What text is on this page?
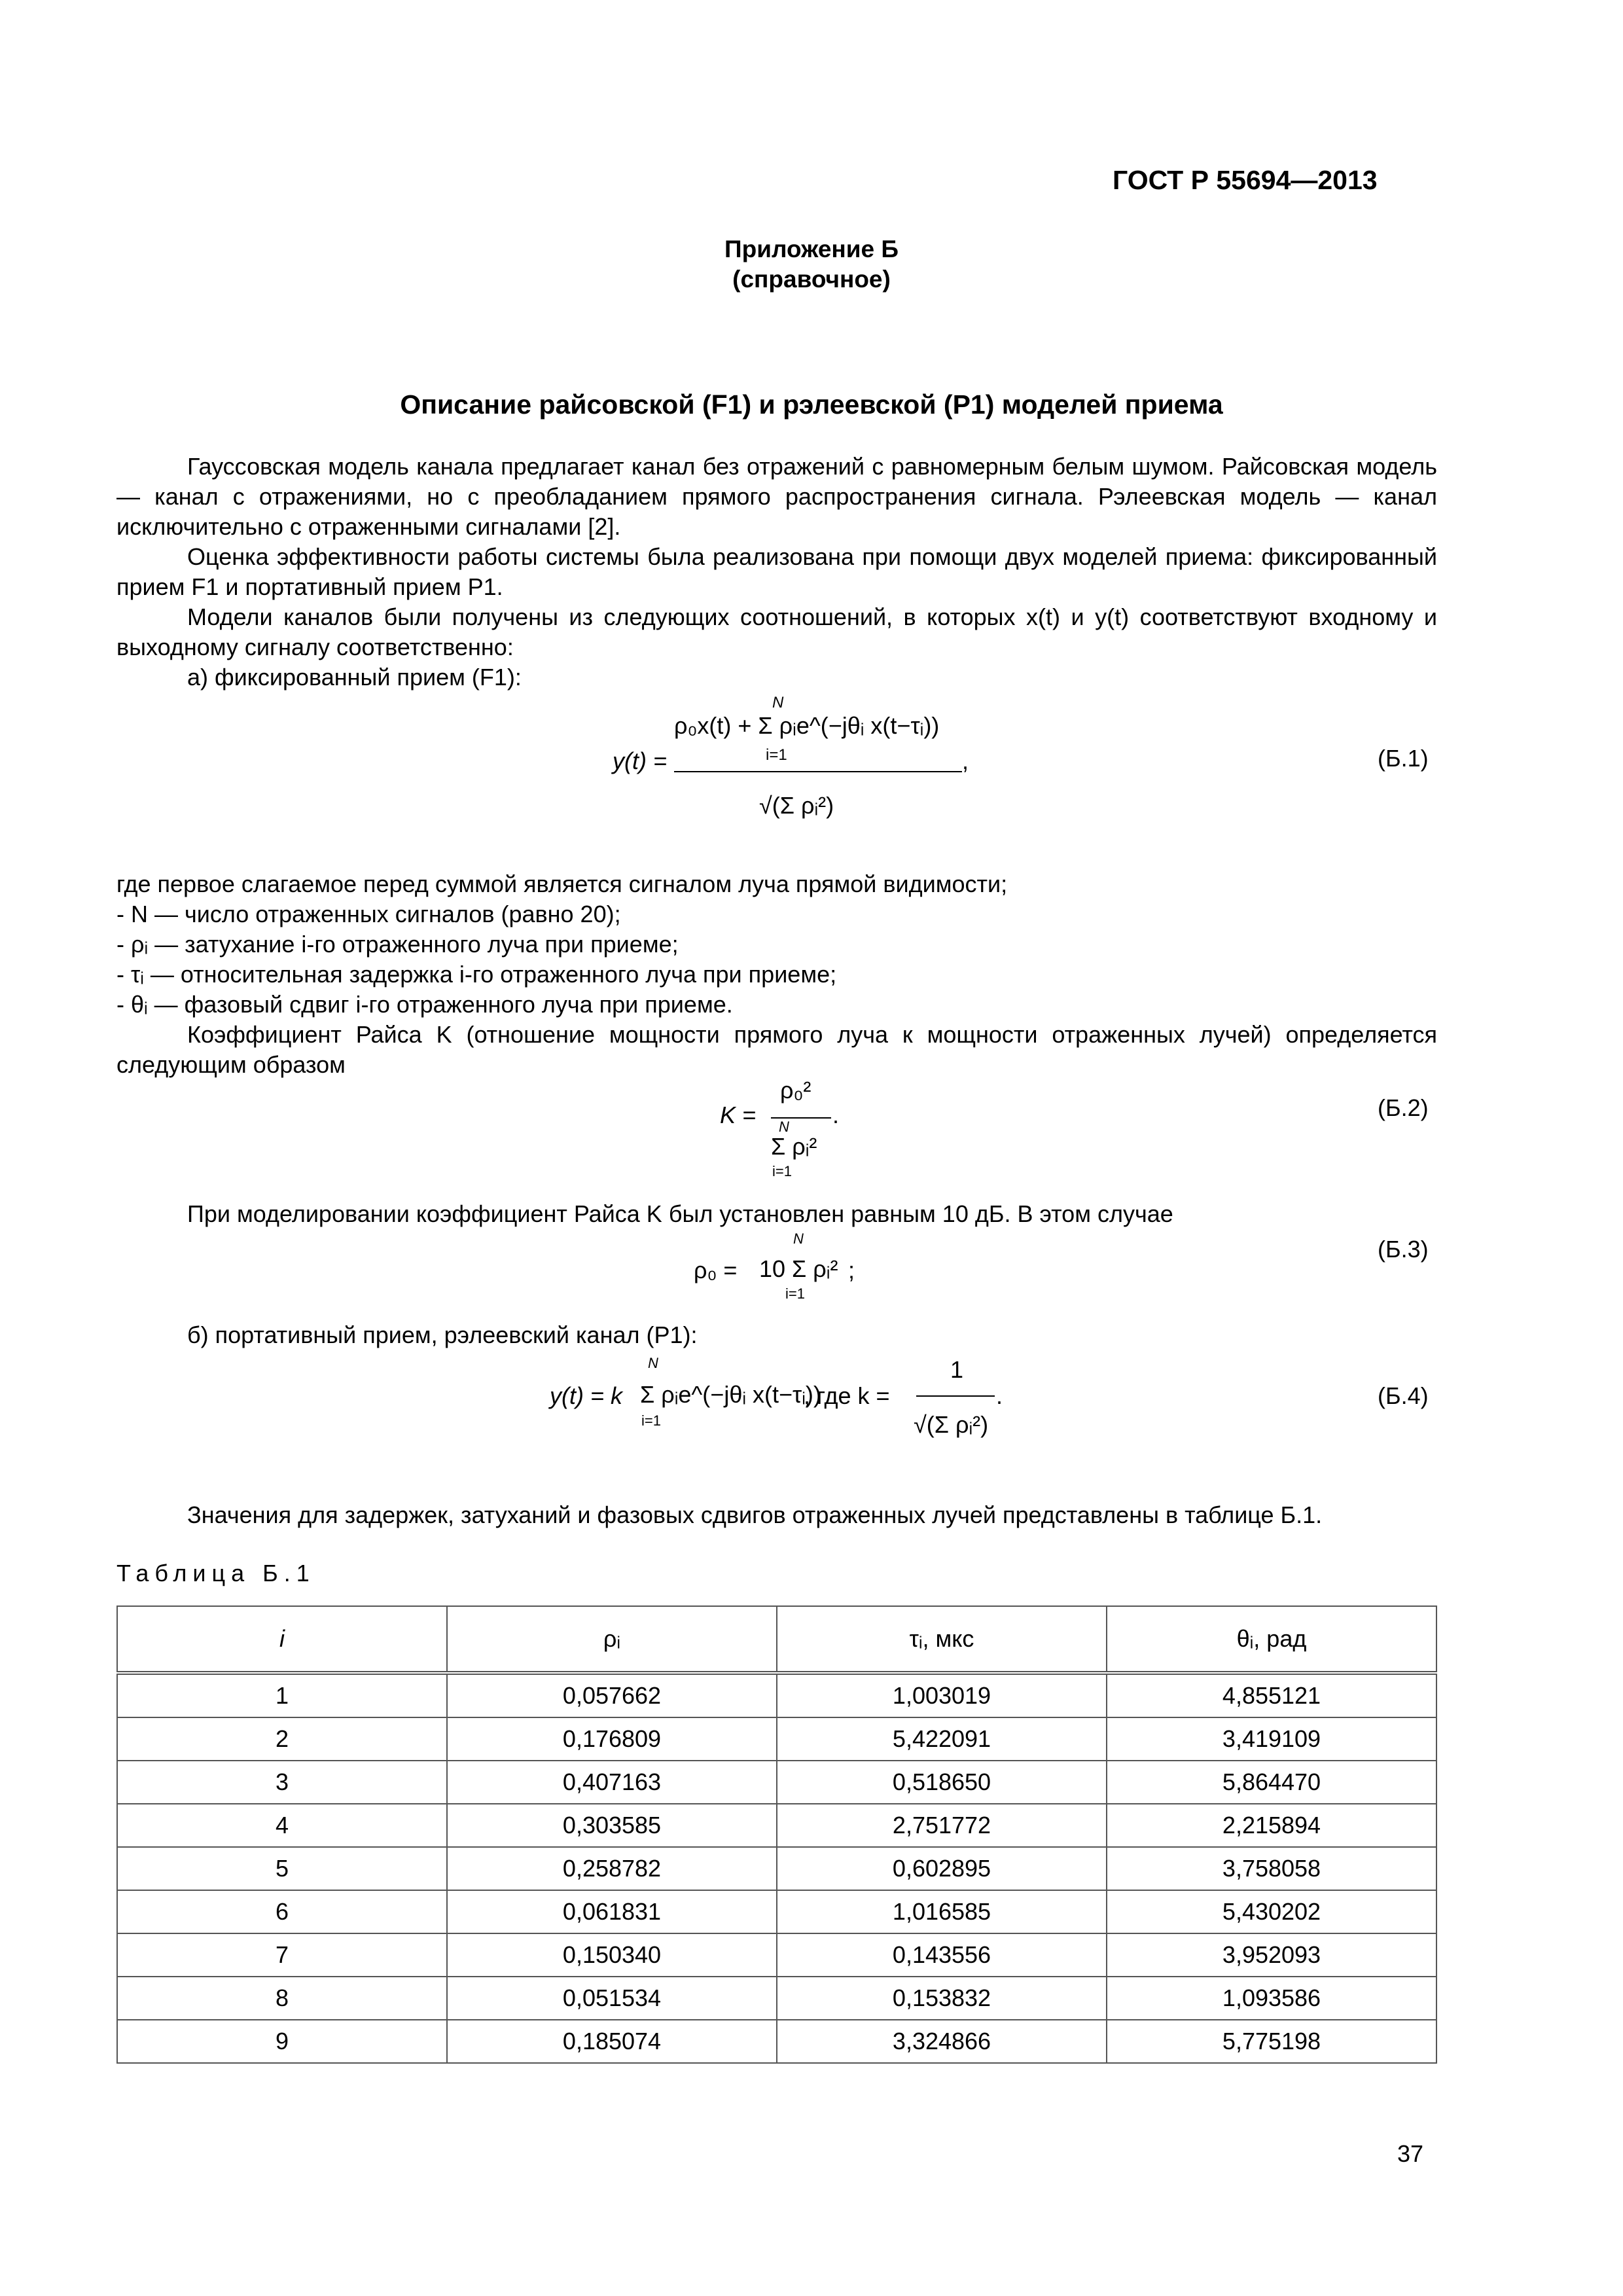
ГОСТ Р 55694—2013
Приложение Б
(справочное)
Описание райсовской (F1) и рэлеевской (P1) моделей приема

Гауссовская модель канала предлагает канал без отражений с равномерным белым шумом. Райсовская модель — канал с отражениями, но с преобладанием прямого распространения сигнала. Рэлеевская модель — канал исключительно с отраженными сигналами [2].

Оценка эффективности работы системы была реализована при помощи двух моделей приема: фиксированный прием F1 и портативный прием P1.

Модели каналов были получены из следующих соотношений, в которых x(t) и y(t) соответствуют входному и выходному сигналу соответственно:

а) фиксированный прием (F1):

y(t) =
N
ρ₀x(t) + Σ ρᵢe^(−jθᵢ x(t−τᵢ))
i=1	,
√(Σ ρᵢ²)
(Б.1)

где первое слагаемое перед суммой является сигналом луча прямой видимости;

- N — число отраженных сигналов (равно 20);

- ρᵢ — затухание i-го отраженного луча при приеме;

- τᵢ — относительная задержка i-го отраженного луча при приеме;

- θᵢ — фазовый сдвиг i-го отраженного луча при приеме.

Коэффициент Райса K (отношение мощности прямого луча к мощности отраженных лучей) определяется следующим образом

K =
ρ₀²
.
N
Σ ρᵢ²
i=1
(Б.2)
При моделировании коэффициент Райса K был установлен равным 10 дБ. В этом случае
ρ₀ =
N
10 Σ ρᵢ²
i=1
;
(Б.3)
б) портативный прием, рэлеевский канал (P1):
y(t) = k
N
Σ ρᵢe^(−jθᵢ x(t−τᵢ))
i=1
, где k =
1
.
√(Σ ρᵢ²)
(Б.4)
Значения для задержек, затуханий и фазовых сдвигов отраженных лучей представлены в таблице Б.1.
Таблица Б.1
i	ρᵢ	τᵢ, мкс	θᵢ, рад
1	0,057662	1,003019	4,855121
2	0,176809	5,422091	3,419109
3	0,407163	0,518650	5,864470
4	0,303585	2,751772	2,215894
5	0,258782	0,602895	3,758058
6	0,061831	1,016585	5,430202
7	0,150340	0,143556	3,952093
8	0,051534	0,153832	1,093586
9	0,185074	3,324866	5,775198
37
